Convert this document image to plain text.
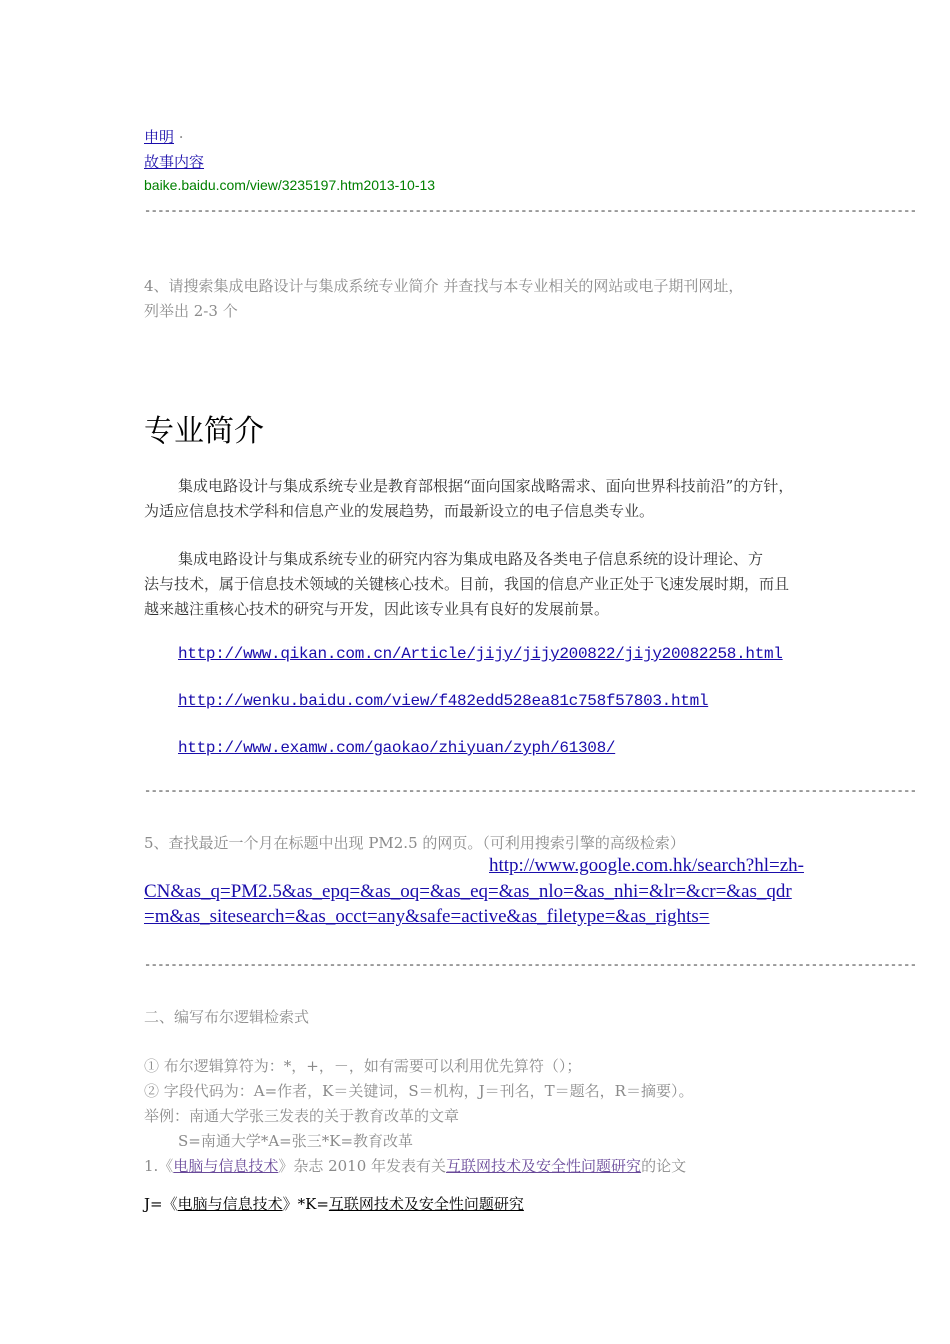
申明 ·
故事内容
baike.baidu.com/view/3235197.htm2013-10-13
---------------------------------------------------------------------------------------------------------------------
4、请搜索集成电路设计与集成系统专业简介 并查找与本专业相关的网站或电子期刊网址，
列举出 2-3 个
专业简介
集成电路设计与集成系统专业是教育部根据“面向国家战略需求、面向世界科技前沿”的方针，
为适应信息技术学科和信息产业的发展趋势，而最新设立的电子信息类专业。
集成电路设计与集成系统专业的研究内容为集成电路及各类电子信息系统的设计理论、方
法与技术，属于信息技术领域的关键核心技术。目前，我国的信息产业正处于飞速发展时期，而且
越来越注重核心技术的研究与开发，因此该专业具有良好的发展前景。
http://www.qikan.com.cn/Article/jijy/jijy200822/jijy20082258.html
http://wenku.baidu.com/view/f482edd528ea81c758f57803.html
http://www.examw.com/gaokao/zhiyuan/zyph/61308/
---------------------------------------------------------------------------------------------------------------------
5、查找最近一个月在标题中出现 PM2.5 的网页。（可利用搜索引擎的高级检索）
http://www.google.com.hk/search?hl=zh-
CN&as_q=PM2.5&as_epq=&as_oq=&as_eq=&as_nlo=&as_nhi=&lr=&cr=&as_qdr
=m&as_sitesearch=&as_occt=any&safe=active&as_filetype=&as_rights=
---------------------------------------------------------------------------------------------------------------------
二、编写布尔逻辑检索式
① 布尔逻辑算符为：*，+，－，如有需要可以利用优先算符（）；
② 字段代码为：A=作者，K＝关键词，S＝机构，J＝刊名，T＝题名，R＝摘要）。
举例：南通大学张三发表的关于教育改革的文章
S=南通大学*A=张三*K=教育改革
1.《电脑与信息技术》杂志 2010 年发表有关互联网技术及安全性问题研究的论文
J=《电脑与信息技术》*K=互联网技术及安全性问题研究
